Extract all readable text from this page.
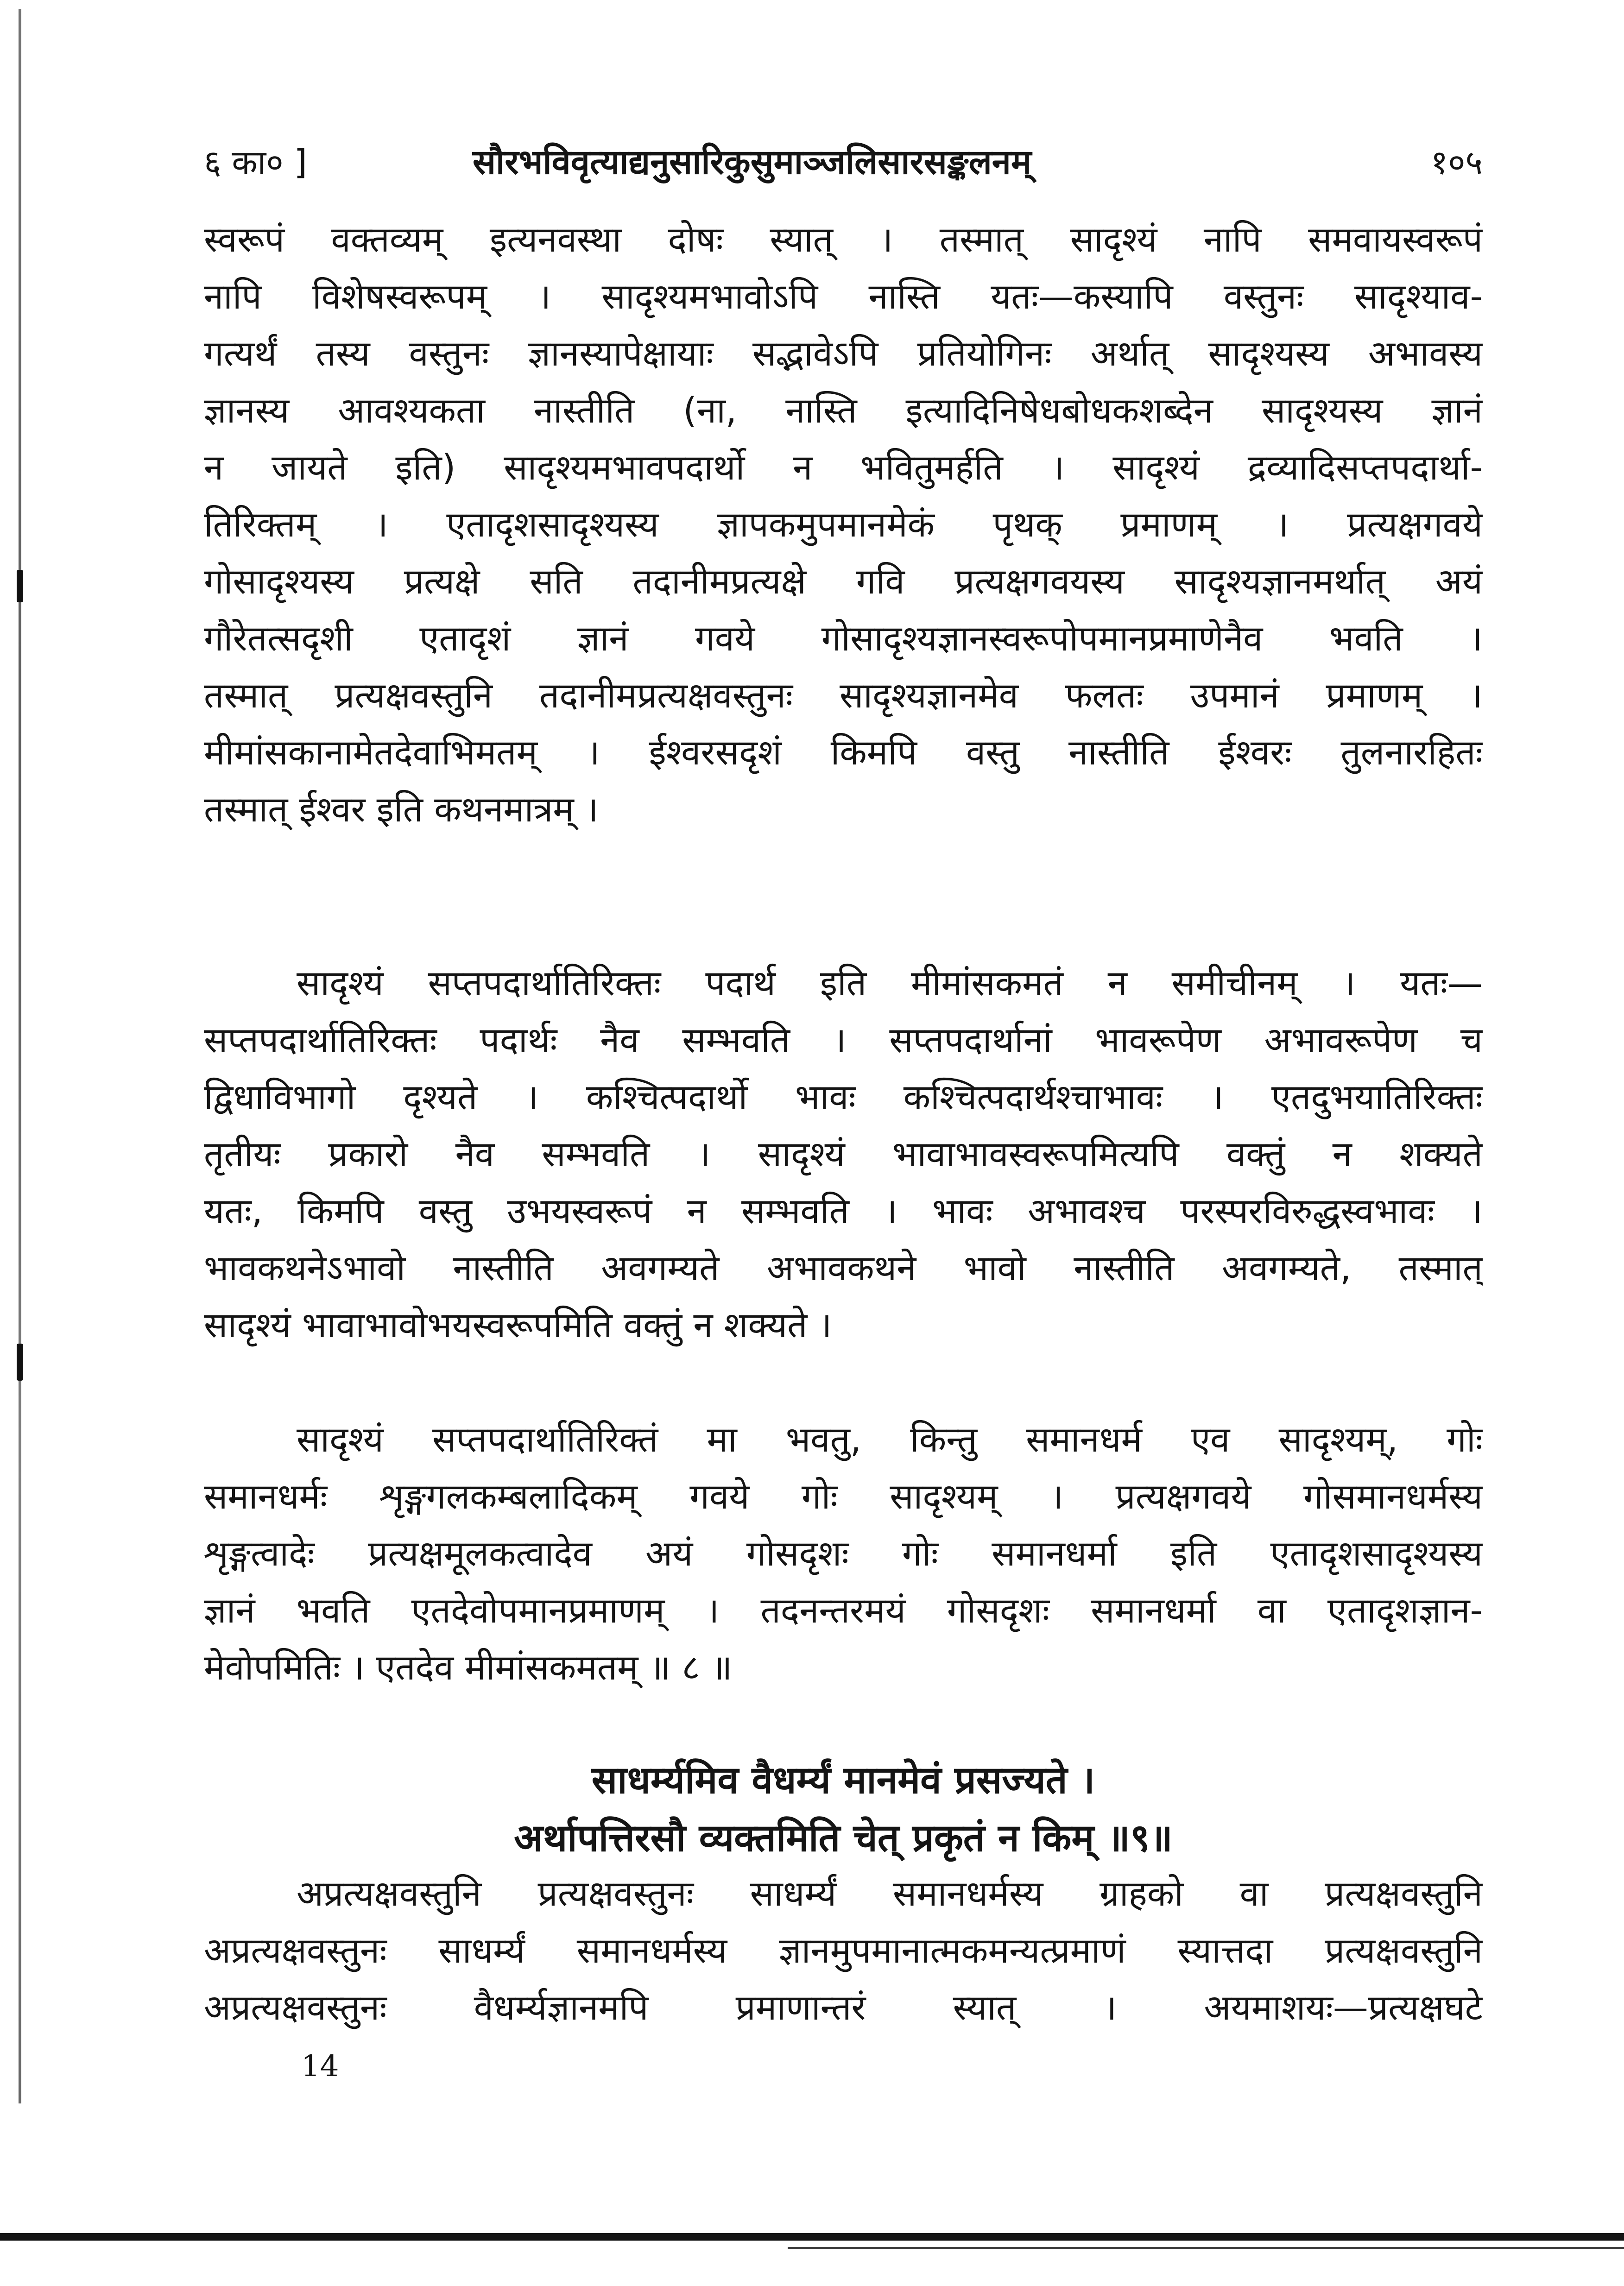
६ का० ]	सौरभविवृत्याद्यनुसारिकुसुमाञ्जलिसारसङ्कलनम्	१०५
स्वरूपं वक्तव्यम् इत्यनवस्था दोषः स्यात् । तस्मात् सादृश्यं नापि समवायस्वरूपं
नापि विशेषस्वरूपम् । सादृश्यमभावोऽपि नास्ति यतः—कस्यापि वस्तुनः सादृश्याव-
गत्यर्थं तस्य वस्तुनः ज्ञानस्यापेक्षायाः सद्भावेऽपि प्रतियोगिनः अर्थात् सादृश्यस्य अभावस्य
ज्ञानस्य आवश्यकता नास्तीति (ना, नास्ति इत्यादिनिषेधबोधकशब्देन सादृश्यस्य ज्ञानं
न जायते इति) सादृश्यमभावपदार्थो न भवितुमर्हति । सादृश्यं द्रव्यादिसप्तपदार्था-
तिरिक्तम् । एतादृशसादृश्यस्य ज्ञापकमुपमानमेकं पृथक् प्रमाणम् । प्रत्यक्षगवये
गोसादृश्यस्य प्रत्यक्षे सति तदानीमप्रत्यक्षे गवि प्रत्यक्षगवयस्य सादृश्यज्ञानमर्थात् अयं
गौरेतत्सदृशी एतादृशं ज्ञानं गवये गोसादृश्यज्ञानस्वरूपोपमानप्रमाणेनैव भवति ।
तस्मात् प्रत्यक्षवस्तुनि तदानीमप्रत्यक्षवस्तुनः सादृश्यज्ञानमेव फलतः उपमानं प्रमाणम् ।
मीमांसकानामेतदेवाभिमतम् । ईश्वरसदृशं किमपि वस्तु नास्तीति ईश्वरः तुलनारहितः
तस्मात् ईश्वर इति कथनमात्रम् ।
सादृश्यं सप्तपदार्थातिरिक्तः पदार्थ इति मीमांसकमतं न समीचीनम् । यतः—
सप्तपदार्थातिरिक्तः पदार्थः नैव सम्भवति । सप्तपदार्थानां भावरूपेण अभावरूपेण च
द्विधाविभागो दृश्यते । कश्चित्पदार्थो भावः कश्चित्पदार्थश्चाभावः । एतदुभयातिरिक्तः
तृतीयः प्रकारो नैव सम्भवति । सादृश्यं भावाभावस्वरूपमित्यपि वक्तुं न शक्यते
यतः, किमपि वस्तु उभयस्वरूपं न सम्भवति । भावः अभावश्च परस्परविरुद्धस्वभावः ।
भावकथनेऽभावो नास्तीति अवगम्यते अभावकथने भावो नास्तीति अवगम्यते, तस्मात्
सादृश्यं भावाभावोभयस्वरूपमिति वक्तुं न शक्यते ।
सादृश्यं सप्तपदार्थातिरिक्तं मा भवतु, किन्तु समानधर्म एव सादृश्यम्, गोः
समानधर्मः शृङ्गगलकम्बलादिकम् गवये गोः सादृश्यम् । प्रत्यक्षगवये गोसमानधर्मस्य
शृङ्गत्वादेः प्रत्यक्षमूलकत्वादेव अयं गोसदृशः गोः समानधर्मा इति एतादृशसादृश्यस्य
ज्ञानं भवति एतदेवोपमानप्रमाणम् । तदनन्तरमयं गोसदृशः समानधर्मा वा एतादृशज्ञान-
मेवोपमितिः । एतदेव मीमांसकमतम् ॥ ८ ॥
साधर्म्यमिव वैधर्म्यं मानमेवं प्रसज्यते ।
अर्थापत्तिरसौ व्यक्तमिति चेत् प्रकृतं न किम् ॥९॥
अप्रत्यक्षवस्तुनि प्रत्यक्षवस्तुनः साधर्म्यं समानधर्मस्य ग्राहको वा प्रत्यक्षवस्तुनि
अप्रत्यक्षवस्तुनः साधर्म्यं समानधर्मस्य ज्ञानमुपमानात्मकमन्यत्प्रमाणं स्यात्तदा प्रत्यक्षवस्तुनि
अप्रत्यक्षवस्तुनः वैधर्म्यज्ञानमपि प्रमाणान्तरं स्यात् । अयमाशयः—प्रत्यक्षघटे
14
